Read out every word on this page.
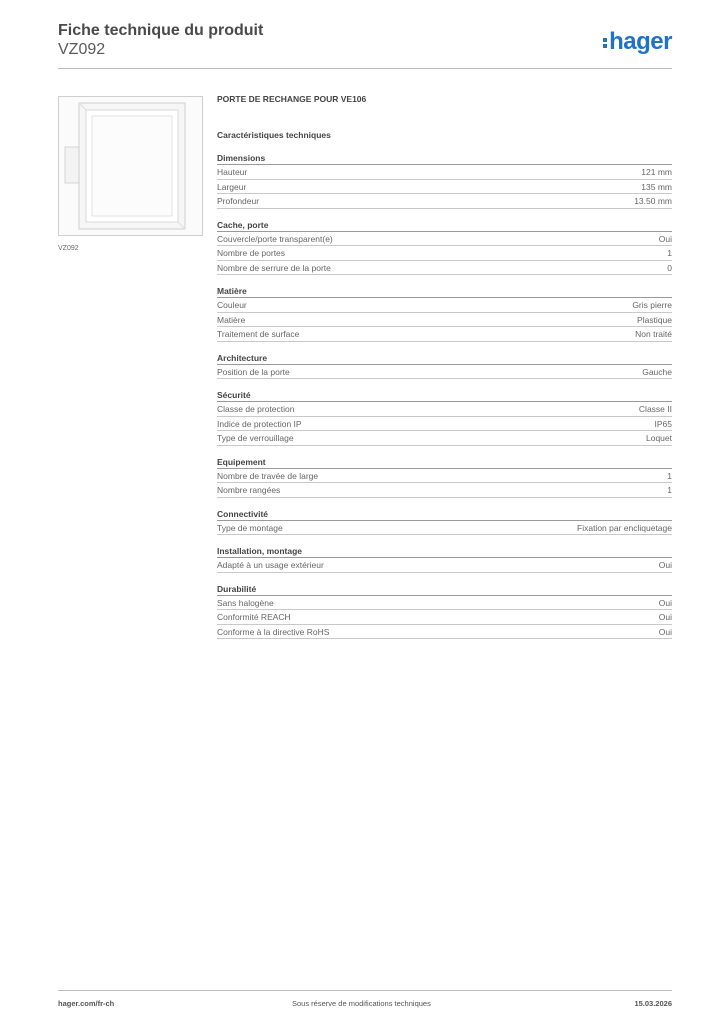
Fiche technique du produit
VZ092	hager
VZ092
PORTE DE RECHANGE POUR VE106
Caractéristiques techniques
Dimensions
Hauteur	121 mm
Largeur	135 mm
Profondeur	13.50 mm
Cache, porte
Couvercle/porte transparent(e)	Oui
Nombre de portes	1
Nombre de serrure de la porte	0
Matière
Couleur	Gris pierre
Matière	Plastique
Traitement de surface	Non traité
Architecture
Position de la porte	Gauche
Sécurité
Classe de protection	Classe II
Indice de protection IP	IP65
Type de verrouillage	Loquet
Equipement
Nombre de travée de large	1
Nombre rangées	1
Connectivité
Type de montage	Fixation par encliquetage
Installation, montage
Adapté à un usage extérieur	Oui
Durabilité
Sans halogène	Oui
Conformité REACH	Oui
Conforme à la directive RoHS	Oui
hager.com/fr-ch	Sous réserve de modifications techniques	15.03.2026
